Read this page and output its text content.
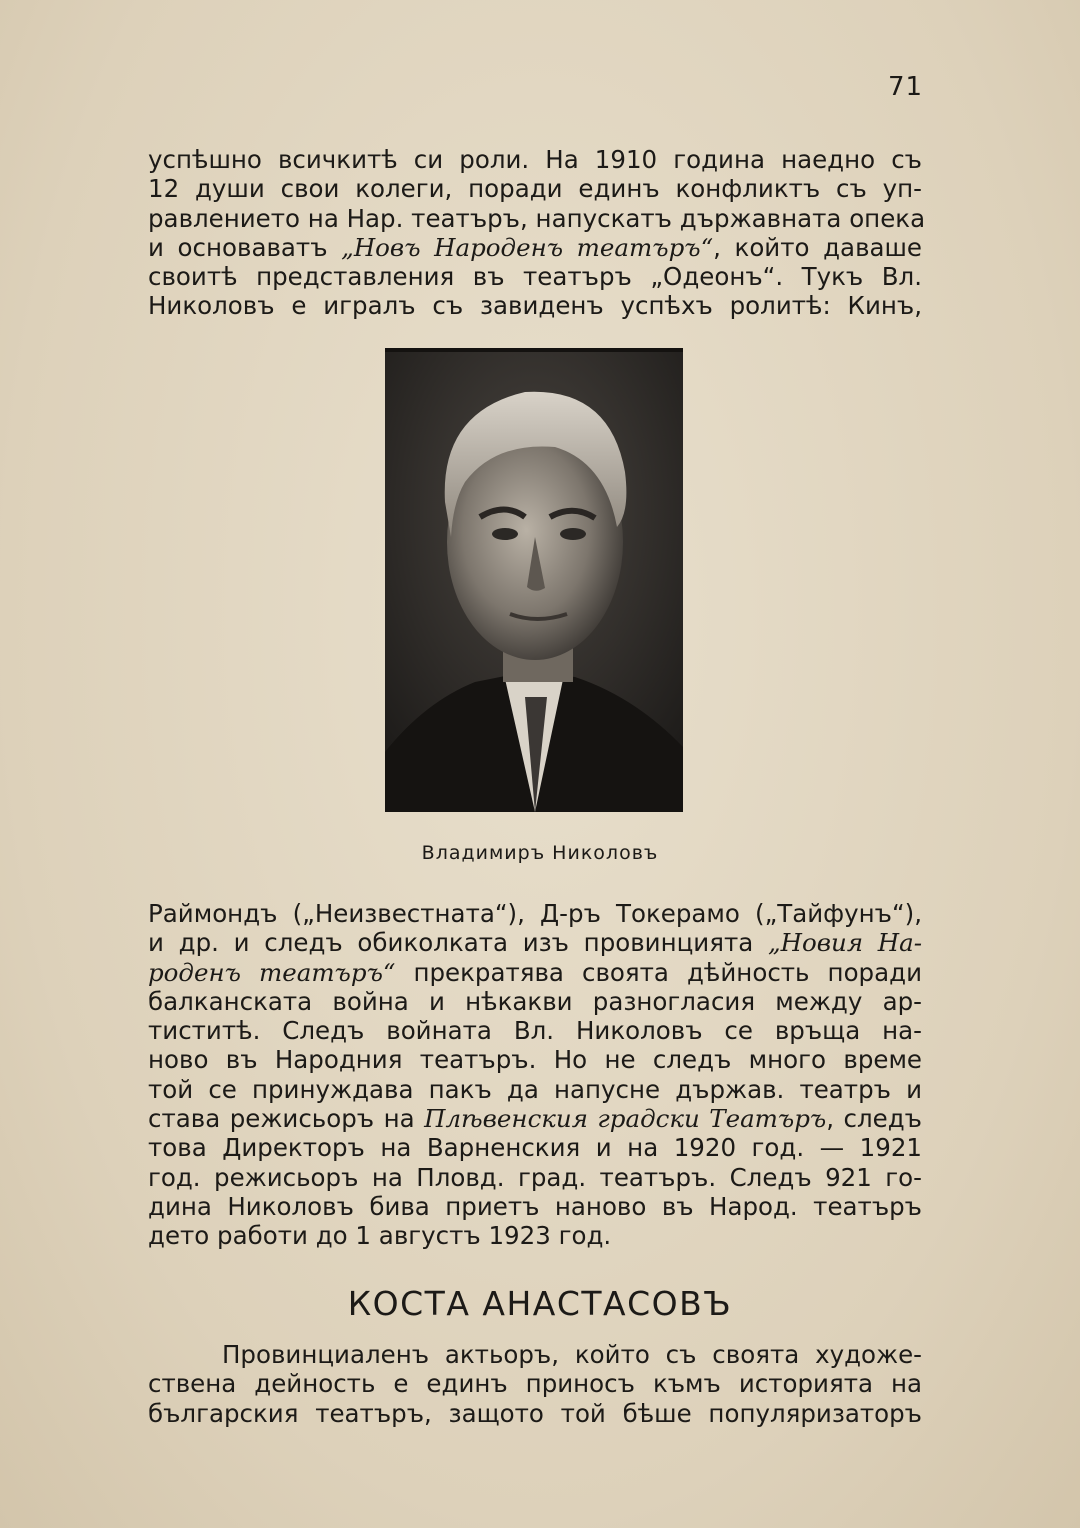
71
успѣшно всичкитѣ си роли. На 1910 година наедно съ
12 души свои колеги, поради единъ конфликтъ съ уп-
равлението на Нар. театъръ, напускатъ държавната опека
и основаватъ „Новъ Народенъ театъръ“, който даваше
своитѣ представления въ театъръ „Одеонъ“. Тукъ Вл.
Николовъ е игралъ съ завиденъ успѣхъ ролитѣ: Кинъ,
Владимиръ Николовъ
Раймондъ („Неизвестната“), Д-ръ Токерамо („Тайфунъ“),
и др. и следъ обиколката изъ провинцията „Новия На-
роденъ театъръ“ прекратява своята дѣйность поради
балканската война и нѣкакви разногласия между ар-
тиститѣ. Следъ войната Вл. Николовъ се връща на-
ново въ Народния театъръ. Но не следъ много време
той се принуждава пакъ да напусне държав. театръ и
става режисьоръ на Плѣвенския градски Театъръ, следъ
това Директоръ на Варненския и на 1920 год. — 1921
год. режисьоръ на Пловд. град. театъръ. Следъ 921 го-
дина Николовъ бива приетъ наново въ Народ. театъръ
дето работи до 1 августъ 1923 год.
КОСТА АНАСТАСОВЪ
Провинциаленъ актьоръ, който съ своята художе-
ствена дейность е единъ приносъ къмъ историята на
българския театъръ, защото той бѣше популяризаторъ
